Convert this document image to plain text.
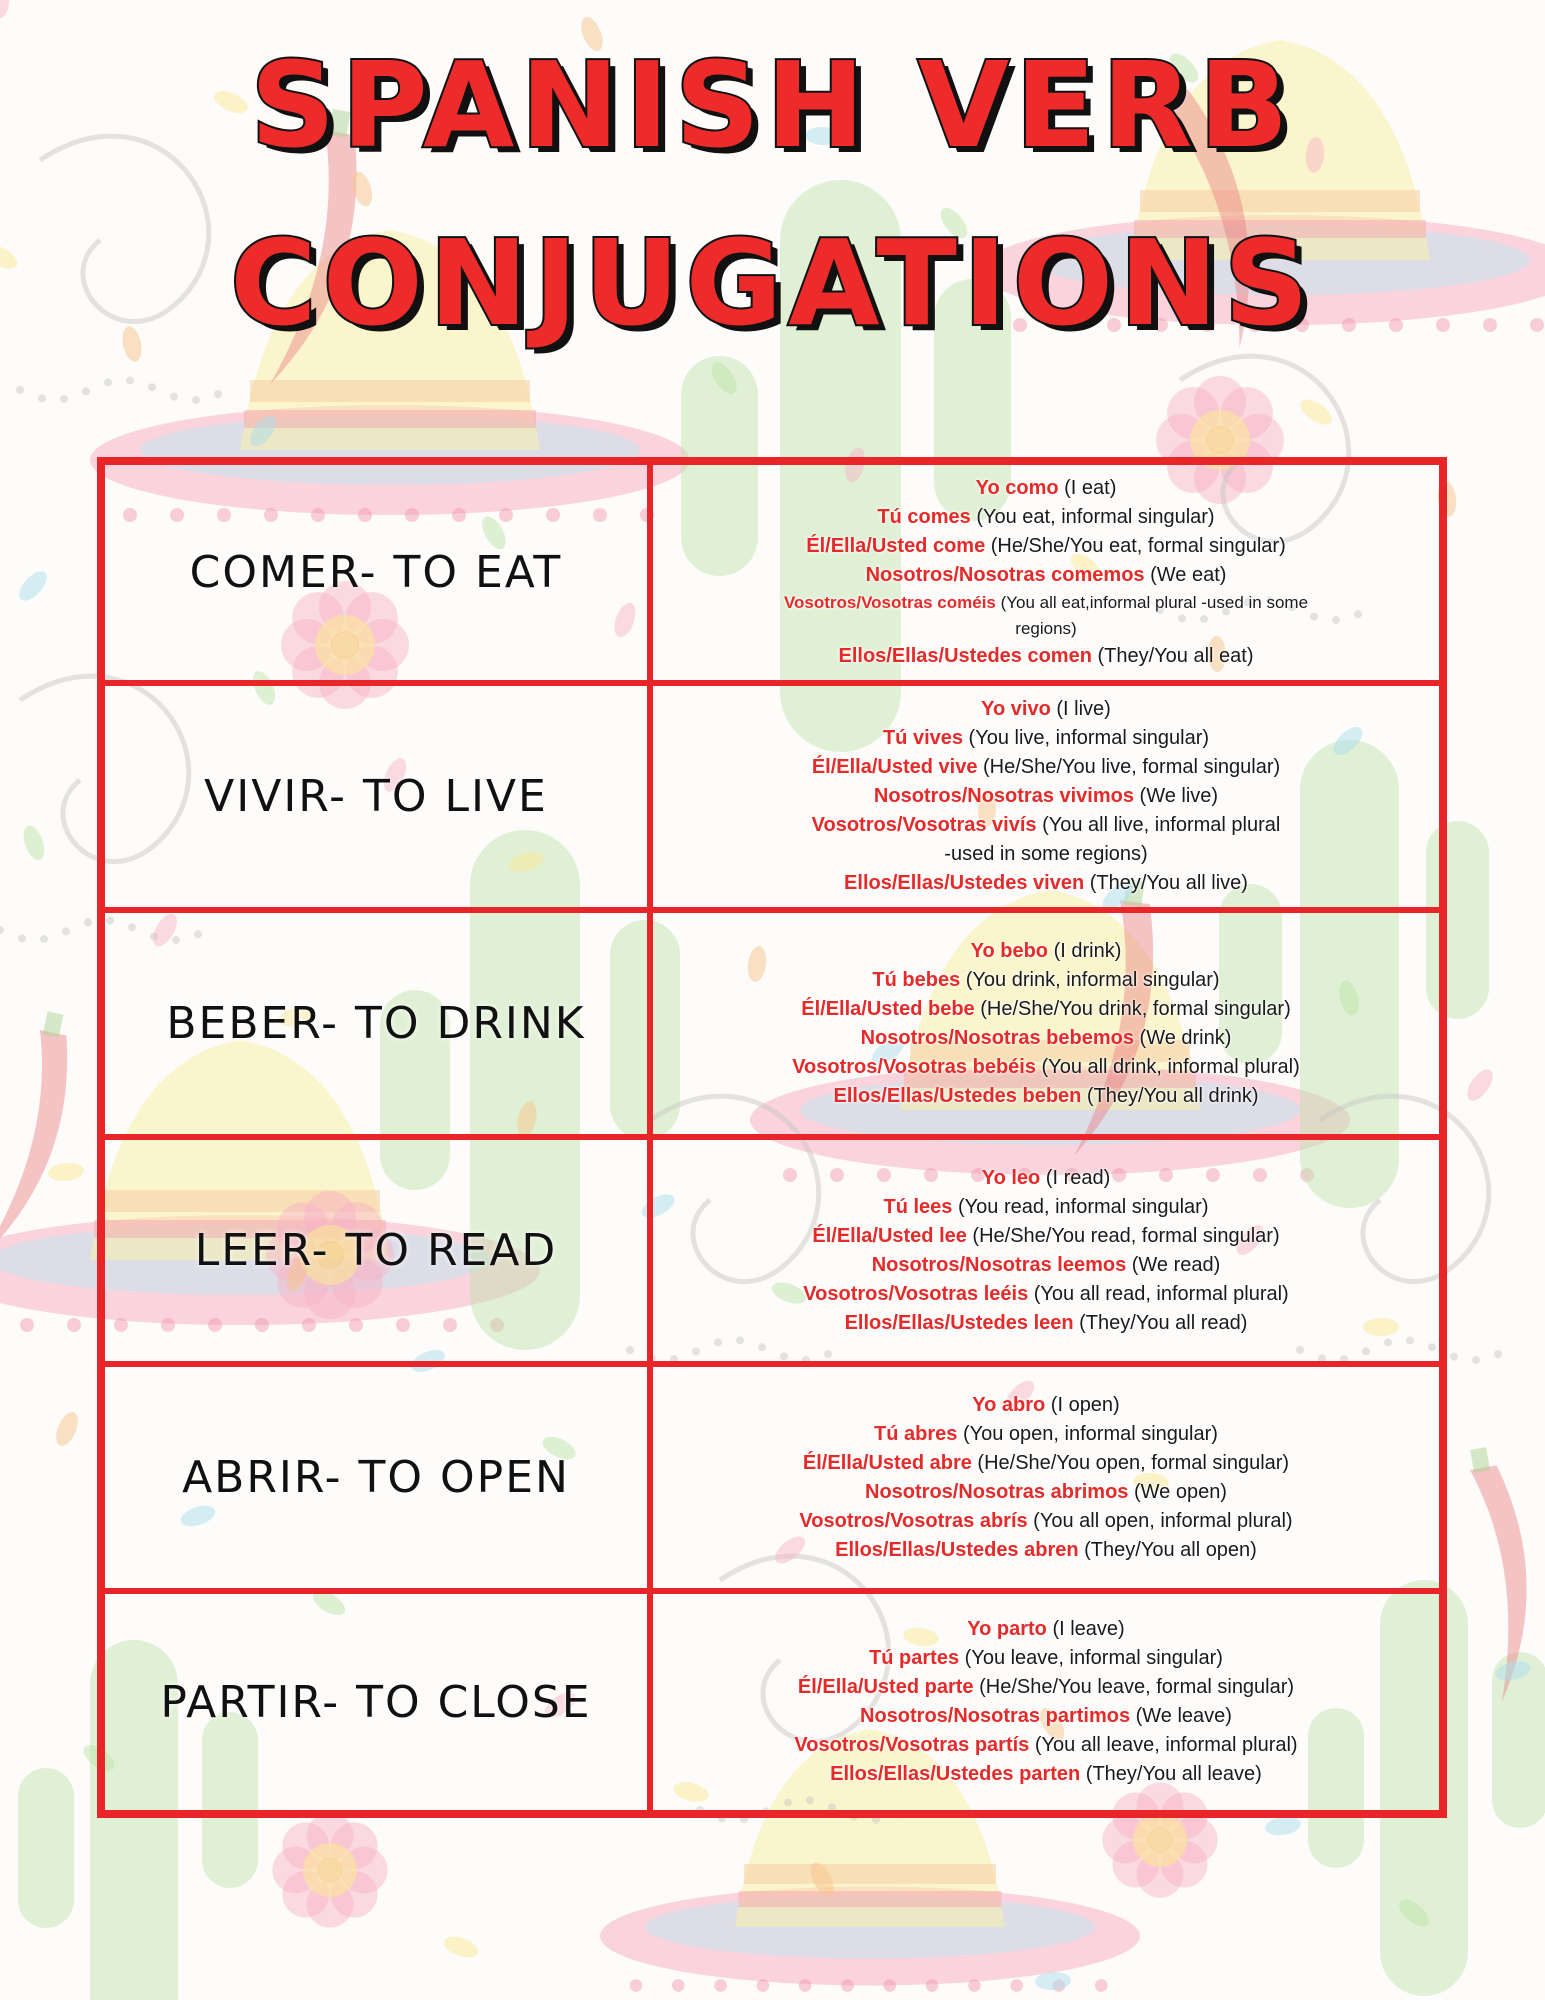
SPANISH VERB
CONJUGATIONS
COMER- TO EAT
Yo como (I eat)
Tú comes (You eat, informal singular)
Él/Ella/Usted come (He/She/You eat, formal singular)
Nosotros/Nosotras comemos (We eat)
Vosotros/Vosotras coméis (You all eat,informal plural -used in some
regions)
Ellos/Ellas/Ustedes comen (They/You all eat)
VIVIR- TO LIVE
Yo vivo (I live)
Tú vives (You live, informal singular)
Él/Ella/Usted vive (He/She/You live, formal singular)
Nosotros/Nosotras vivimos (We live)
Vosotros/Vosotras vivís (You all live, informal plural
-used in some regions)
Ellos/Ellas/Ustedes viven (They/You all live)
BEBER- TO DRINK
Yo bebo (I drink)
Tú bebes (You drink, informal singular)
Él/Ella/Usted bebe (He/She/You drink, formal singular)
Nosotros/Nosotras bebemos (We drink)
Vosotros/Vosotras bebéis (You all drink, informal plural)
Ellos/Ellas/Ustedes beben (They/You all drink)
LEER- TO READ
Yo leo (I read)
Tú lees (You read, informal singular)
Él/Ella/Usted lee (He/She/You read, formal singular)
Nosotros/Nosotras leemos (We read)
Vosotros/Vosotras leéis (You all read, informal plural)
Ellos/Ellas/Ustedes leen (They/You all read)
ABRIR- TO OPEN
Yo abro (I open)
Tú abres (You open, informal singular)
Él/Ella/Usted abre (He/She/You open, formal singular)
Nosotros/Nosotras abrimos (We open)
Vosotros/Vosotras abrís (You all open, informal plural)
Ellos/Ellas/Ustedes abren (They/You all open)
PARTIR- TO CLOSE
Yo parto (I leave)
Tú partes (You leave, informal singular)
Él/Ella/Usted parte (He/She/You leave, formal singular)
Nosotros/Nosotras partimos (We leave)
Vosotros/Vosotras partís (You all leave, informal plural)
Ellos/Ellas/Ustedes parten (They/You all leave)
